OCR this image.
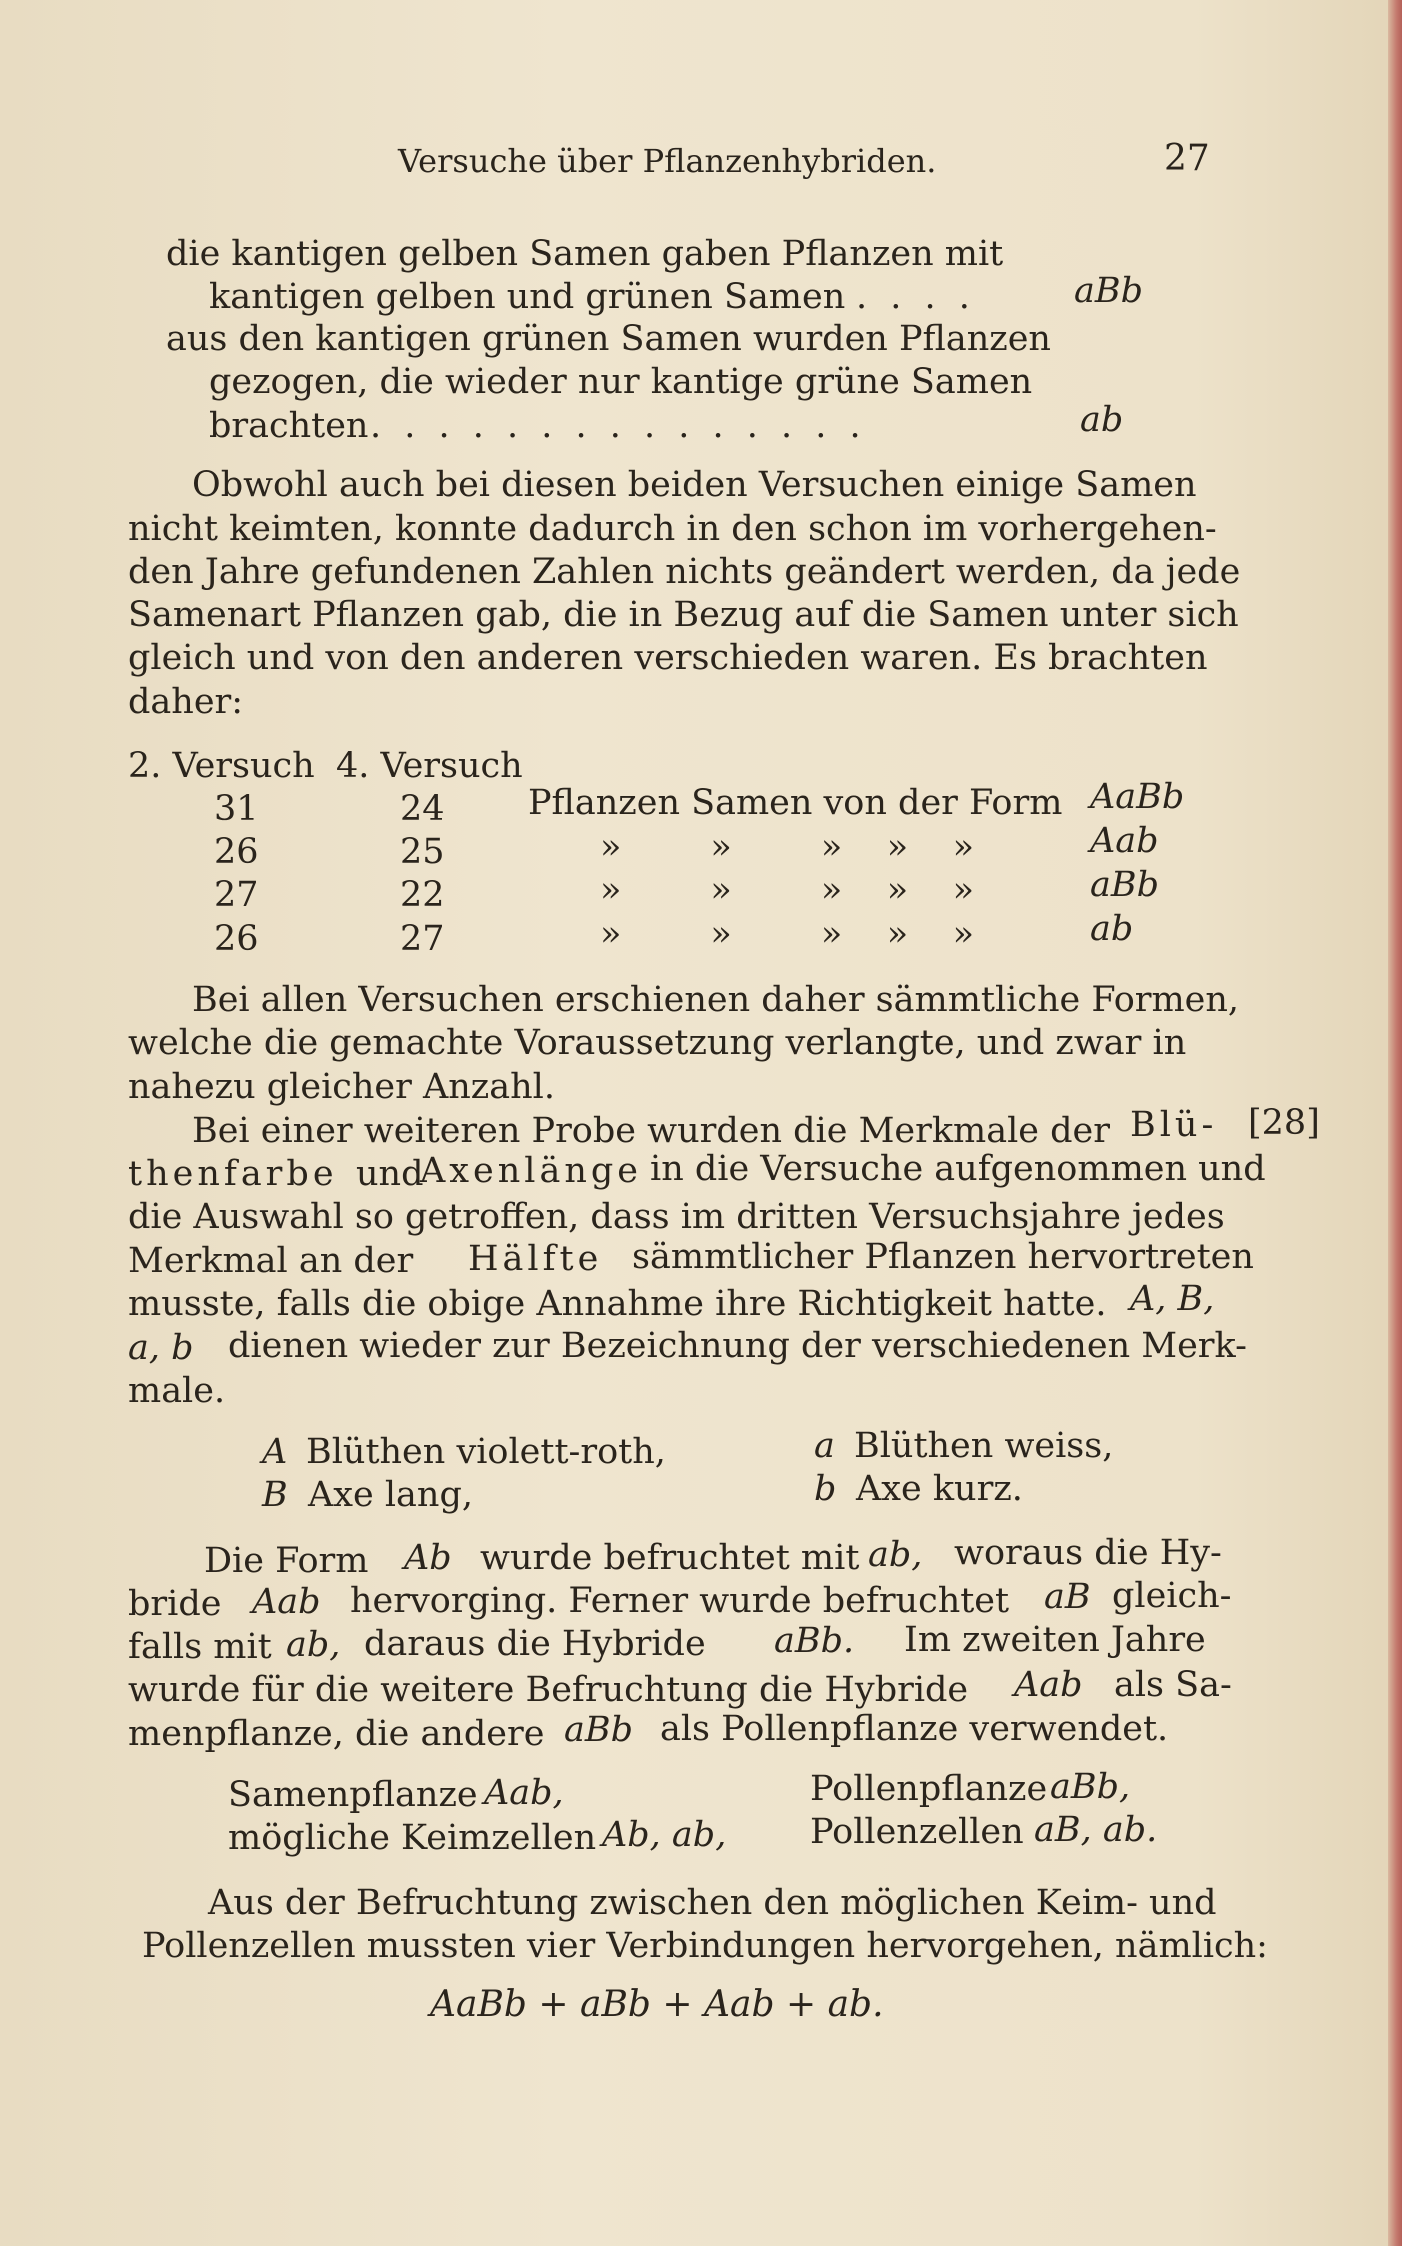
Versuche über Pflanzenhybriden.	27
die kantigen gelben Samen gaben Pflanzen mit
kantigen gelben und grünen Samen . . . .	aBb
aus den kantigen grünen Samen wurden Pflanzen
gezogen, die wieder nur kantige grüne Samen
brachten . . . . . . . . . . . . . . .	ab
Obwohl auch bei diesen beiden Versuchen einige Samen
nicht keimten, konnte dadurch in den schon im vorhergehen-
den Jahre gefundenen Zahlen nichts geändert werden, da jede
Samenart Pflanzen gab, die in Bezug auf die Samen unter sich
gleich und von den anderen verschieden waren. Es brachten
daher:
2. Versuch 4. Versuch
31	24 Pflanzen Samen von der Form AaBb
26	25	»        »        »    »    »	Aab
27	22	»        »        »    »    »	aBb
26	27	»        »        »    »    »	ab
Bei allen Versuchen erschienen daher sämmtliche Formen,
welche die gemachte Voraussetzung verlangte, und zwar in
nahezu gleicher Anzahl.
[28]
Bei einer weiteren Probe wurden die Merkmale der Blü-
thenfarbe und
Axenlänge in die Versuche aufgenommen und
die Auswahl so getroffen, dass im dritten Versuchsjahre jedes
Merkmal an der Hälfte sämmtlicher Pflanzen hervortreten
musste, falls die obige Annahme ihre Richtigkeit hatte. A, B,
a, b dienen wieder zur Bezeichnung der verschiedenen Merk-
male.
A Blüthen violett-roth,	a Blüthen weiss,
B Axe lang,	b Axe kurz.
Die Form Ab wurde befruchtet mit ab, woraus die Hy-
bride Aab hervorging. Ferner wurde befruchtet aB gleich-
falls mit ab, daraus die Hybride aBb. Im zweiten Jahre
wurde für die weitere Befruchtung die Hybride Aab als Sa-
menpflanze, die andere aBb als Pollenpflanze verwendet.
Samenpflanze Aab,	Pollenpflanze aBb,
mögliche Keimzellen Ab, ab, Pollenzellen aB, ab.
Aus der Befruchtung zwischen den möglichen Keim- und
Pollenzellen mussten vier Verbindungen hervorgehen, nämlich:
AaBb + aBb + Aab + ab.
